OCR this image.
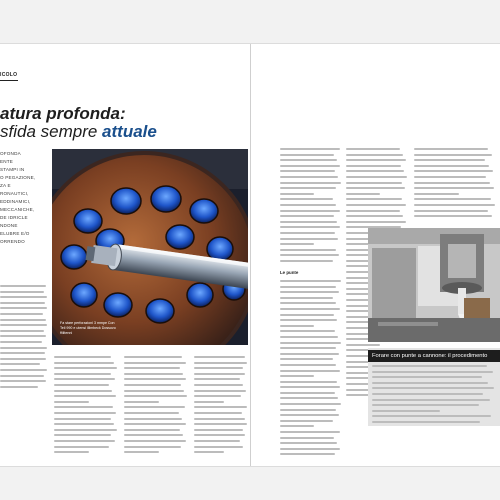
ICOLO
atura profonda:
sfida sempre attuale
OFONDA
ENTE
STAMPI IN
O PEGAZIONE,
ZA E
RONAUTICI,
EDDINAMICI,
MECCANICHE,
DE IDRICLE
NDONE
ELUBRE E/O
ORRENDO
Fa stare perforazioni 3 mmpe Con Tell 990 e utensi illimbeck Dossovo ffilitenni
Le punte
Forare con punte a cannone: il procedimento
